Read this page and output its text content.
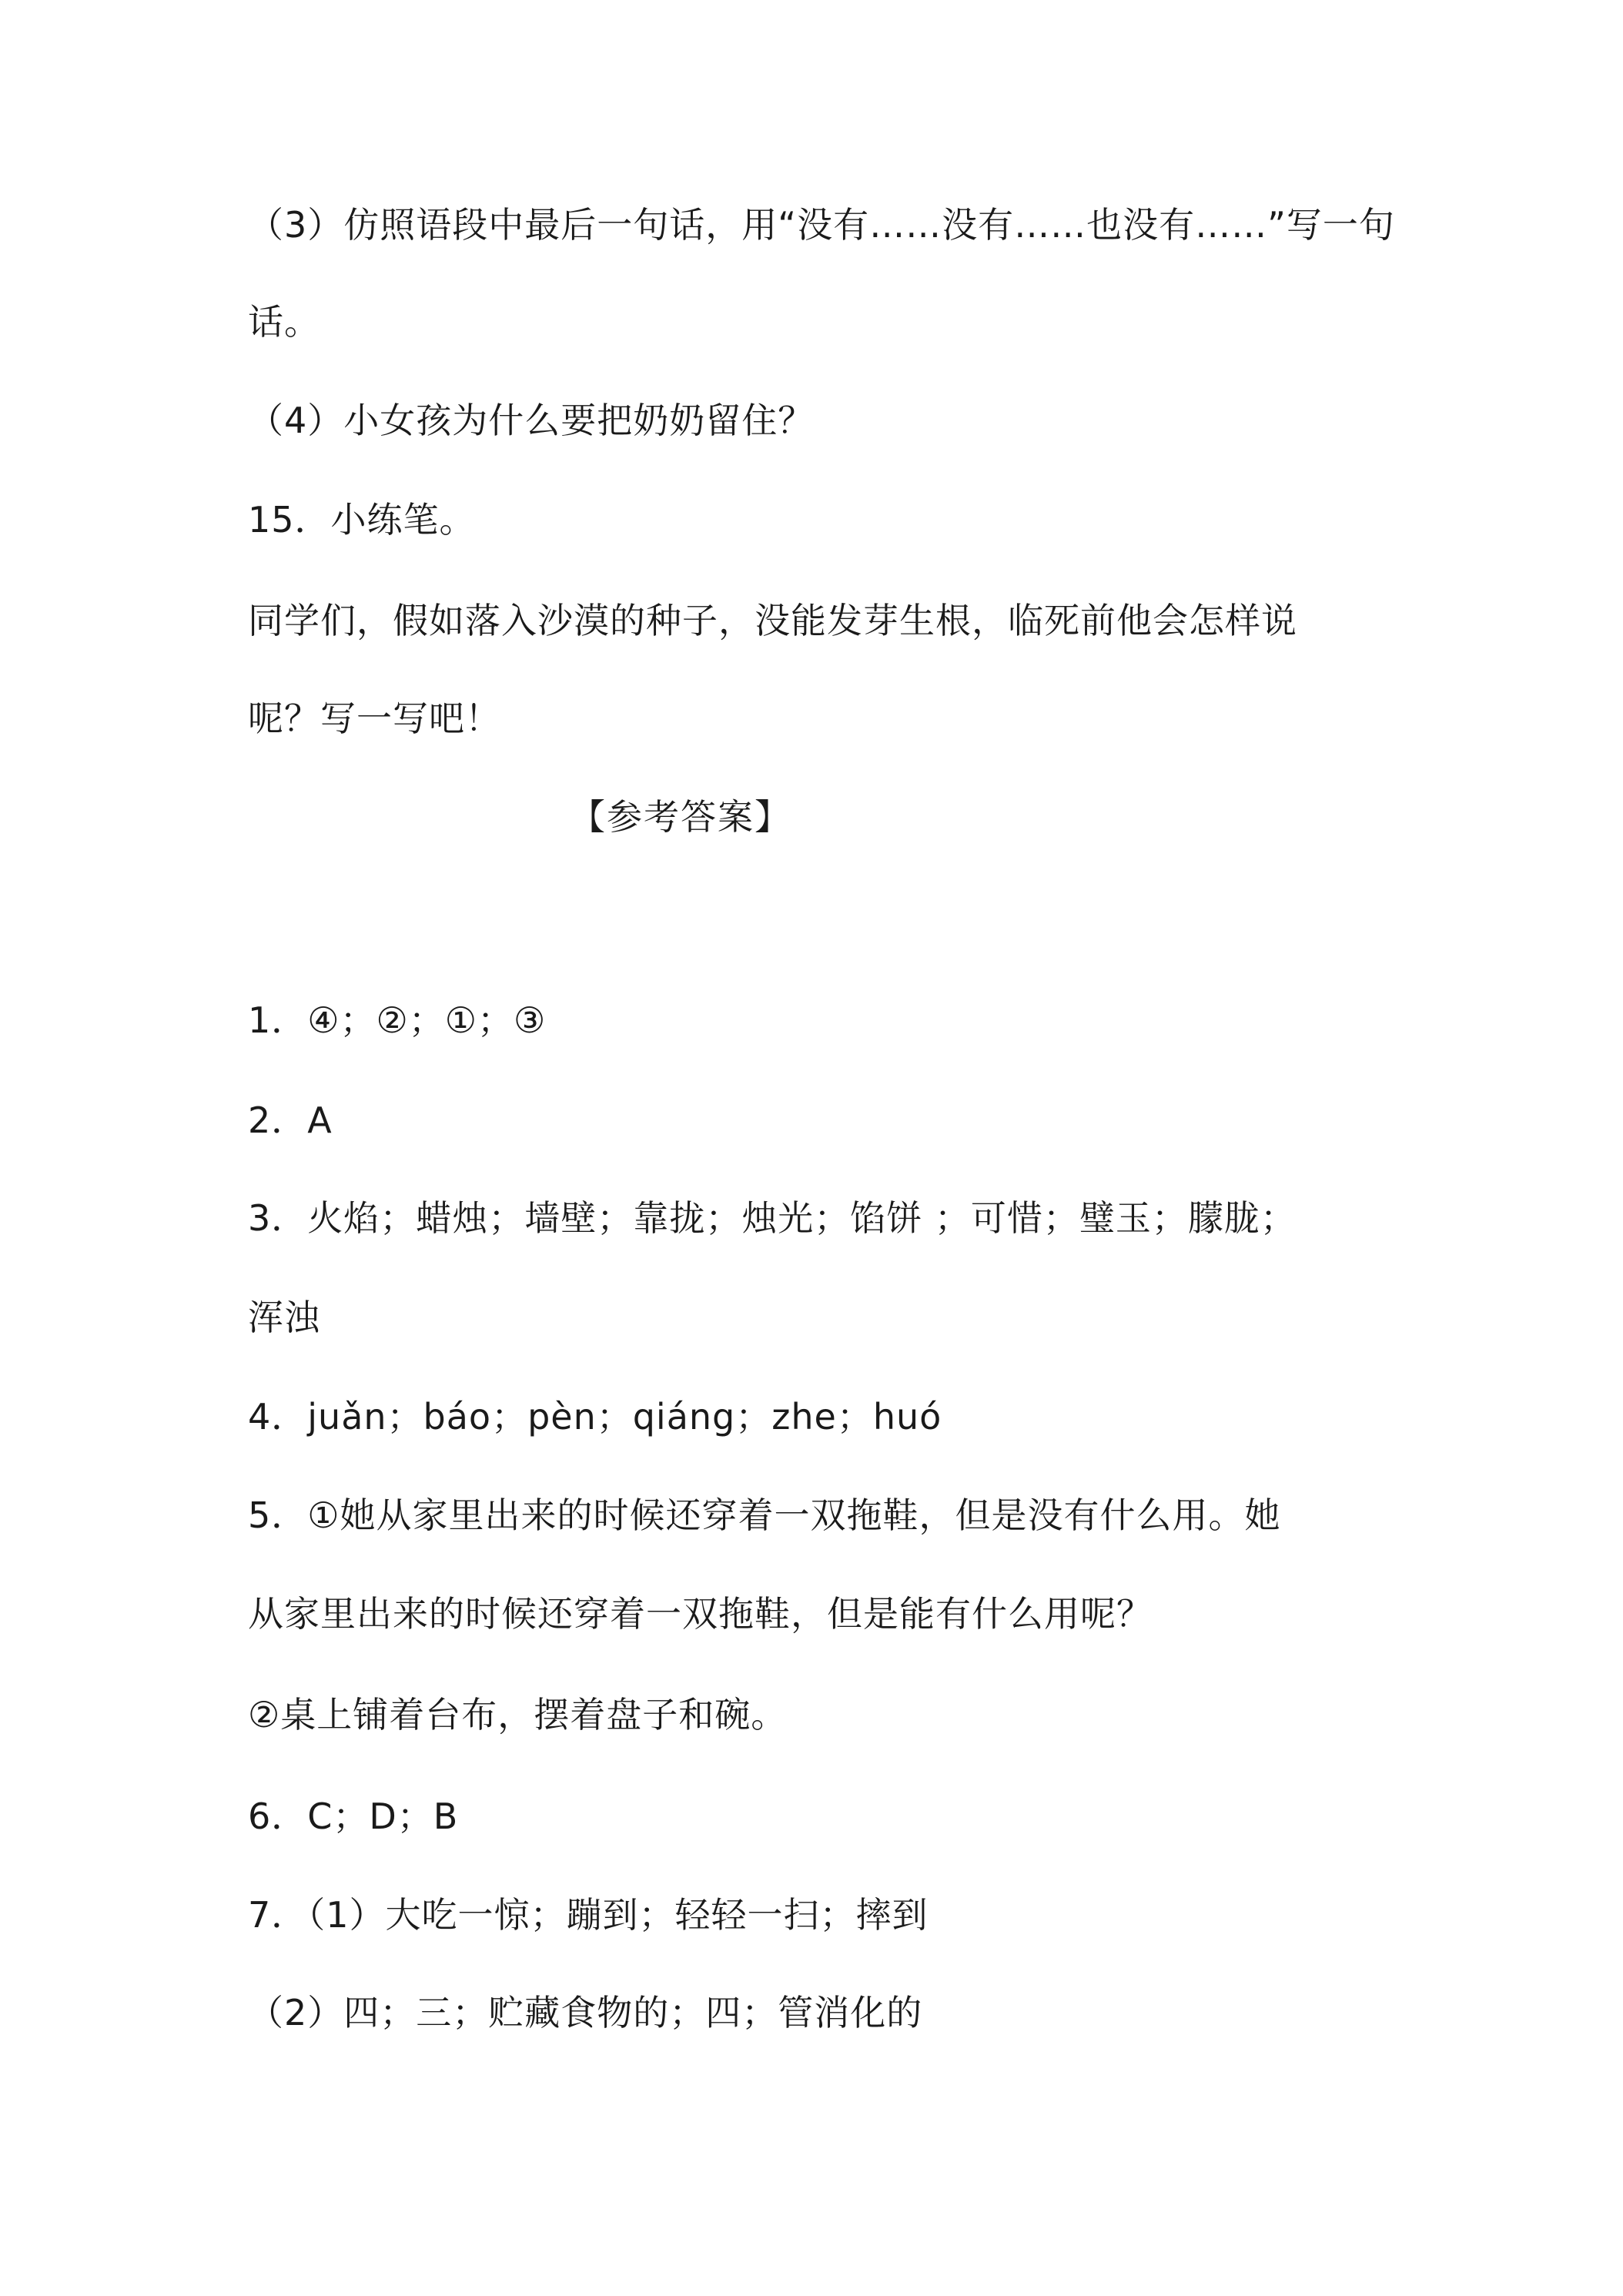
（3）仿照语段中最后一句话，用“没有……没有……也没有……”写一句
话。
（4）小女孩为什么要把奶奶留住？
15．小练笔。
同学们，假如落入沙漠的种子，没能发芽生根，临死前他会怎样说
呢？写一写吧！
【参考答案】
1．④；②；①；③
2．A
3．火焰；蜡烛；墙壁；靠拢；烛光；馅饼 ；可惜；璧玉；朦胧；
浑浊
4．juǎn；báo；pèn；qiáng；zhe；huó
5．①她从家里出来的时候还穿着一双拖鞋，但是没有什么用。她
从家里出来的时候还穿着一双拖鞋，但是能有什么用呢？
②桌上铺着台布，摆着盘子和碗。
6．C；D；B
7．（1）大吃一惊；蹦到；轻轻一扫；摔到
（2）四；三；贮藏食物的；四；管消化的
